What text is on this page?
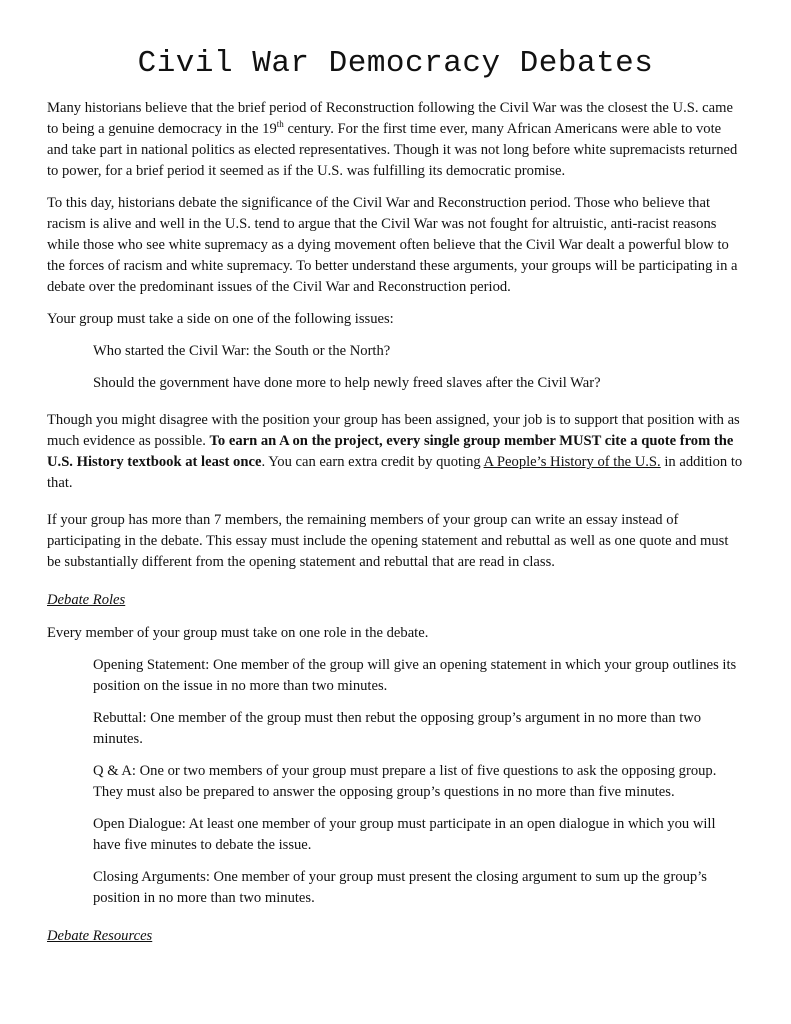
Civil War Democracy Debates

Many historians believe that the brief period of Reconstruction following the Civil War was the closest the U.S. came to being a genuine democracy in the 19th century. For the first time ever, many African Americans were able to vote and take part in national politics as elected representatives. Though it was not long before white supremacists returned to power, for a brief period it seemed as if the U.S. was fulfilling its democratic promise.

To this day, historians debate the significance of the Civil War and Reconstruction period. Those who believe that racism is alive and well in the U.S. tend to argue that the Civil War was not fought for altruistic, anti-racist reasons while those who see white supremacy as a dying movement often believe that the Civil War dealt a powerful blow to the forces of racism and white supremacy. To better understand these arguments, your groups will be participating in a debate over the predominant issues of the Civil War and Reconstruction period.

Your group must take a side on one of the following issues:

Who started the Civil War: the South or the North?

Should the government have done more to help newly freed slaves after the Civil War?

Though you might disagree with the position your group has been assigned, your job is to support that position with as much evidence as possible. To earn an A on the project, every single group member MUST cite a quote from the U.S. History textbook at least once. You can earn extra credit by quoting A People’s History of the U.S. in addition to that.

If your group has more than 7 members, the remaining members of your group can write an essay instead of participating in the debate. This essay must include the opening statement and rebuttal as well as one quote and must be substantially different from the opening statement and rebuttal that are read in class.

Debate Roles

Every member of your group must take on one role in the debate.

Opening Statement: One member of the group will give an opening statement in which your group outlines its position on the issue in no more than two minutes.

Rebuttal: One member of the group must then rebut the opposing group’s argument in no more than two minutes.

Q & A: One or two members of your group must prepare a list of five questions to ask the opposing group. They must also be prepared to answer the opposing group’s questions in no more than five minutes.

Open Dialogue: At least one member of your group must participate in an open dialogue in which you will have five minutes to debate the issue.

Closing Arguments: One member of your group must present the closing argument to sum up the group’s position in no more than two minutes.

Debate Resources
